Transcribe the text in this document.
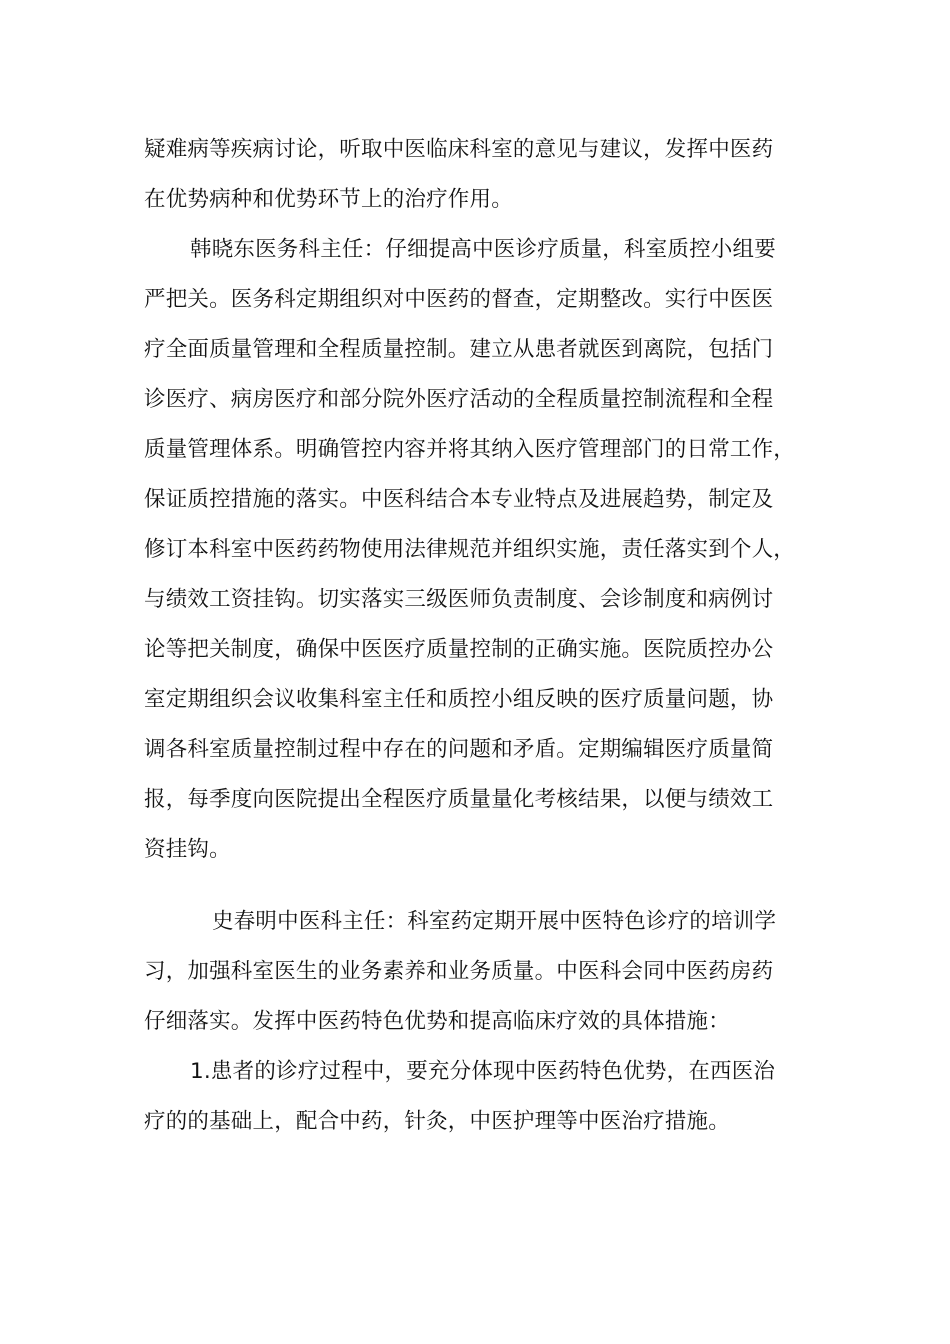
疑难病等疾病讨论，听取中医临床科室的意见与建议，发挥中医药
在优势病种和优势环节上的治疗作用。
韩晓东医务科主任：仔细提高中医诊疗质量，科室质控小组要
严把关。医务科定期组织对中医药的督查，定期整改。实行中医医
疗全面质量管理和全程质量控制。建立从患者就医到离院，包括门
诊医疗、病房医疗和部分院外医疗活动的全程质量控制流程和全程
质量管理体系。明确管控内容并将其纳入医疗管理部门的日常工作，
保证质控措施的落实。中医科结合本专业特点及进展趋势，制定及
修订本科室中医药药物使用法律规范并组织实施，责任落实到个人，
与绩效工资挂钩。切实落实三级医师负责制度、会诊制度和病例讨
论等把关制度，确保中医医疗质量控制的正确实施。医院质控办公
室定期组织会议收集科室主任和质控小组反映的医疗质量问题，协
调各科室质量控制过程中存在的问题和矛盾。定期编辑医疗质量简
报，每季度向医院提出全程医疗质量量化考核结果，以便与绩效工
资挂钩。
史春明中医科主任：科室药定期开展中医特色诊疗的培训学
习，加强科室医生的业务素养和业务质量。中医科会同中医药房药
仔细落实。发挥中医药特色优势和提高临床疗效的具体措施：
1.患者的诊疗过程中，要充分体现中医药特色优势，在西医治
疗的的基础上，配合中药，针灸，中医护理等中医治疗措施。
